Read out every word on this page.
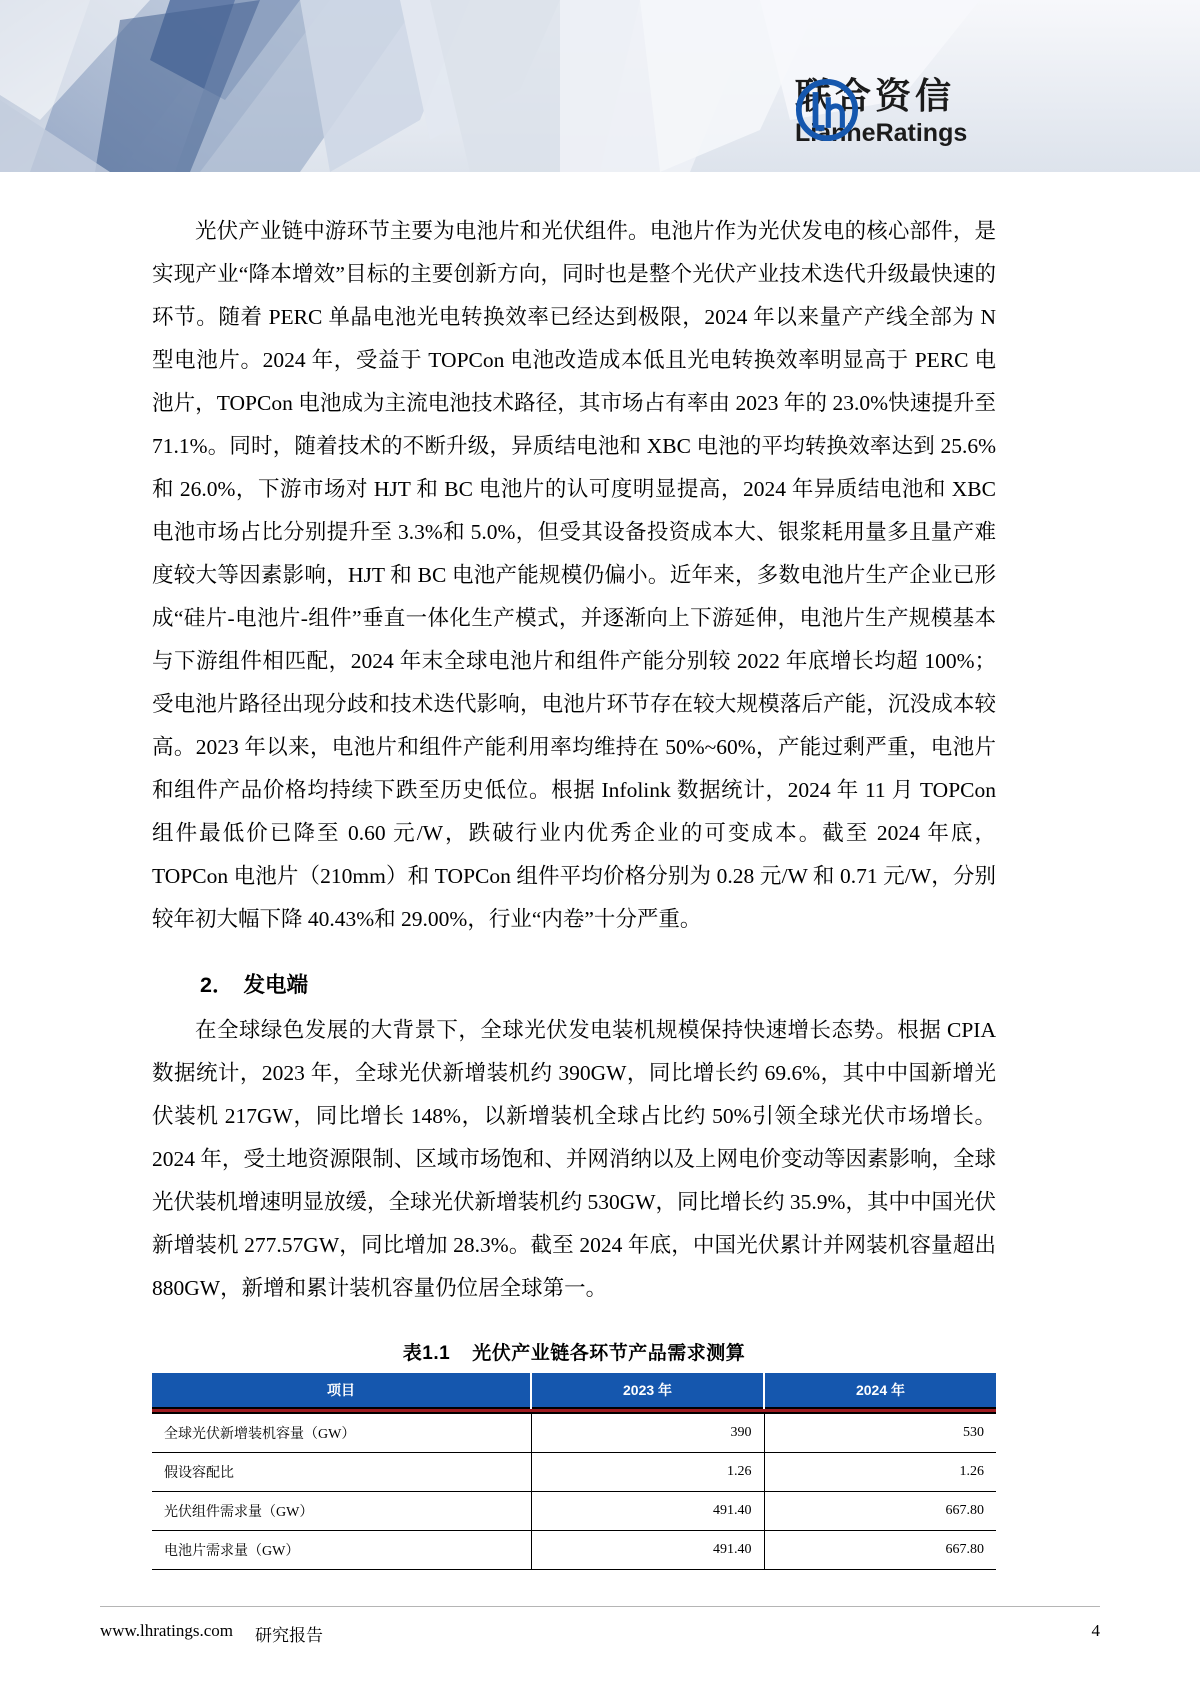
联合资信
LianheRatings

光伏产业链中游环节主要为电池片和光伏组件。电池片作为光伏发电的核心部件，是实现产业“降本增效”目标的主要创新方向，同时也是整个光伏产业技术迭代升级最快速的环节。随着 PERC 单晶电池光电转换效率已经达到极限，2024 年以来量产产线全部为 N 型电池片。2024 年，受益于 TOPCon 电池改造成本低且光电转换效率明显高于 PERC 电池片，TOPCon 电池成为主流电池技术路径，其市场占有率由 2023 年的 23.0%快速提升至 71.1%。同时，随着技术的不断升级，异质结电池和 XBC 电池的平均转换效率达到 25.6%和 26.0%，下游市场对 HJT 和 BC 电池片的认可度明显提高，2024 年异质结电池和 XBC 电池市场占比分别提升至 3.3%和 5.0%，但受其设备投资成本大、银浆耗用量多且量产难度较大等因素影响，HJT 和 BC 电池产能规模仍偏小。近年来，多数电池片生产企业已形成“硅片-电池片-组件”垂直一体化生产模式，并逐渐向上下游延伸，电池片生产规模基本与下游组件相匹配，2024 年末全球电池片和组件产能分别较 2022 年底增长均超 100%；受电池片路径出现分歧和技术迭代影响，电池片环节存在较大规模落后产能，沉没成本较高。2023 年以来，电池片和组件产能利用率均维持在 50%~60%，产能过剩严重，电池片和组件产品价格均持续下跌至历史低位。根据 Infolink 数据统计，2024 年 11 月 TOPCon 组件最低价已降至 0.60 元/W，跌破行业内优秀企业的可变成本。截至 2024 年底，TOPCon 电池片（210mm）和 TOPCon 组件平均价格分别为 0.28 元/W 和 0.71 元/W，分别较年初大幅下降 40.43%和 29.00%，行业“内卷”十分严重。

2． 发电端

在全球绿色发展的大背景下，全球光伏发电装机规模保持快速增长态势。根据 CPIA 数据统计，2023 年，全球光伏新增装机约 390GW，同比增长约 69.6%，其中中国新增光伏装机 217GW，同比增长 148%，以新增装机全球占比约 50%引领全球光伏市场增长。2024 年，受土地资源限制、区域市场饱和、并网消纳以及上网电价变动等因素影响，全球光伏装机增速明显放缓，全球光伏新增装机约 530GW，同比增长约 35.9%，其中中国光伏新增装机 277.57GW，同比增加 28.3%。截至 2024 年底，中国光伏累计并网装机容量超出 880GW，新增和累计装机容量仍位居全球第一。

表1.1 光伏产业链各环节产品需求测算

项目	2023 年	2024 年
全球光伏新增装机容量（GW）	390	530
假设容配比	1.26	1.26
光伏组件需求量（GW）	491.40	667.80
电池片需求量（GW）	491.40	667.80
www.lhratings.com 研究报告	4
